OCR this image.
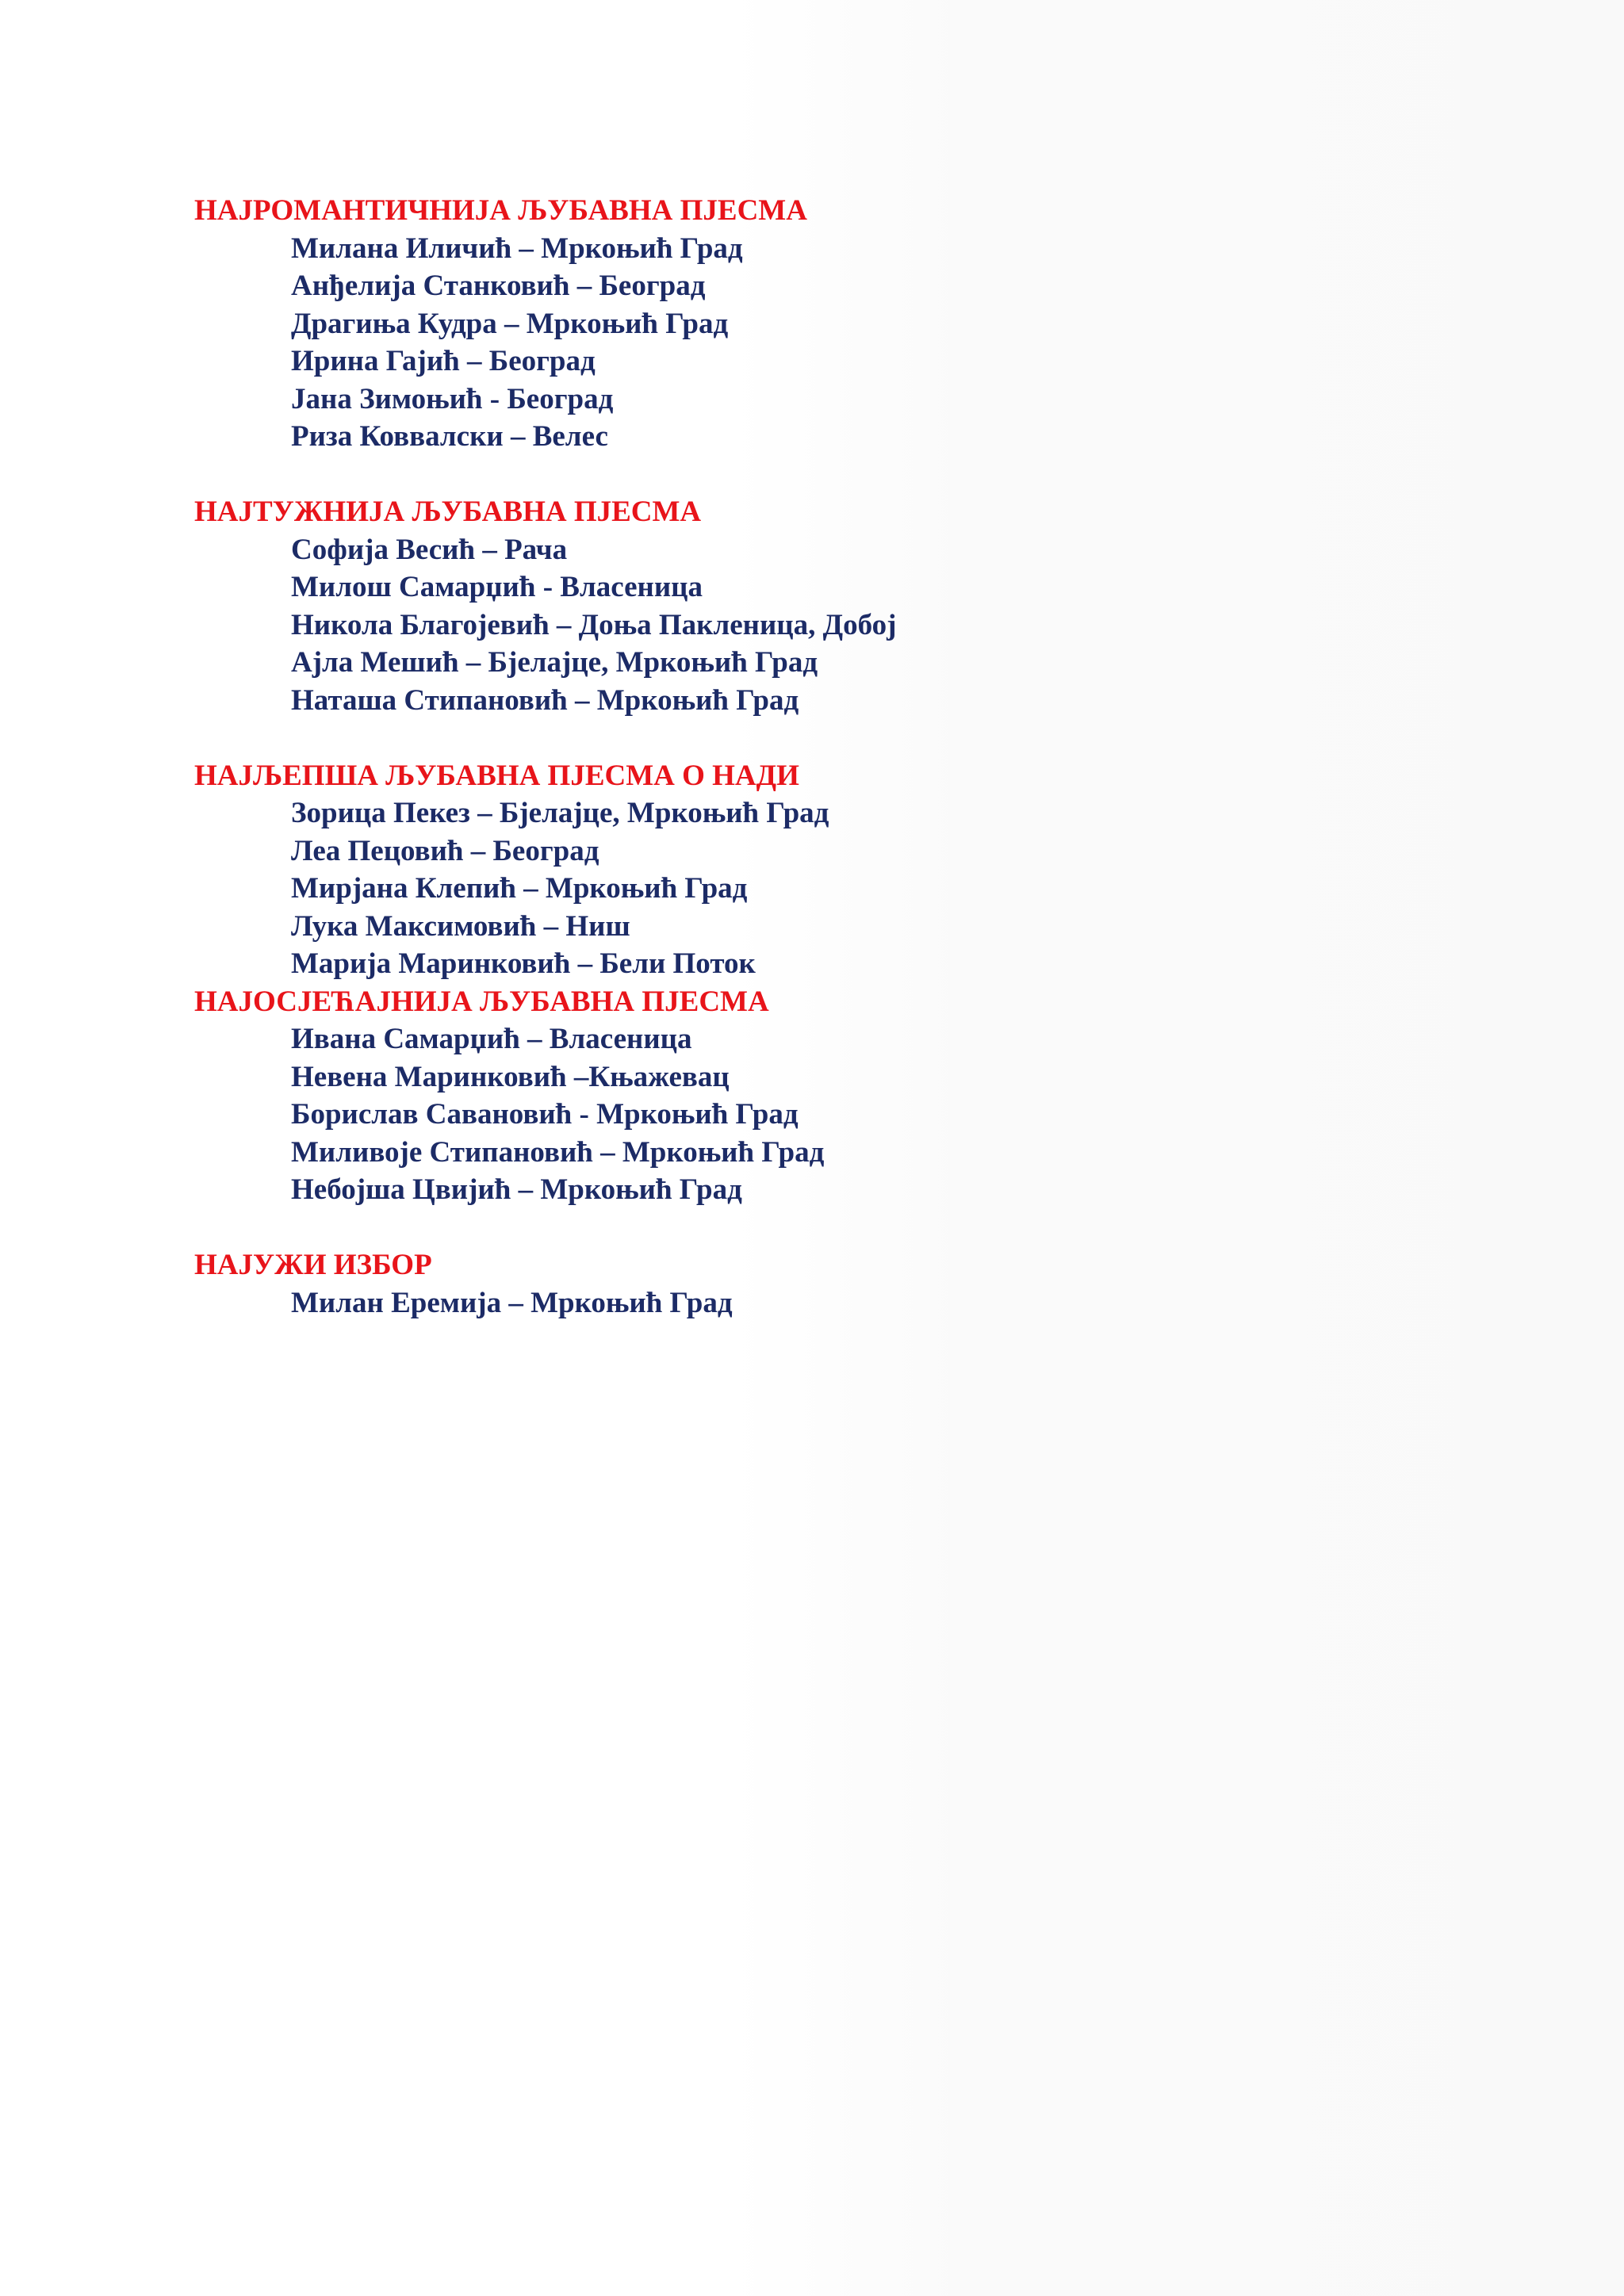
НАЈРОМАНТИЧНИЈА ЉУБАВНА ПЈЕСМА
Милана Иличић – Мркоњић Град
Анђелија Станковић – Београд
Драгиња Кудра – Мркоњић Град
Ирина Гајић – Београд
Јана Зимоњић - Београд
Риза Коввалски – Велес
НАЈТУЖНИЈА ЉУБАВНА ПЈЕСМА
Софија Весић – Рача
Милош Самарџић - Власеница
Никола Благојевић – Доња Пакленица, Добој
Ајла Мешић – Бјелајце, Мркоњић Град
Наташа Стипановић – Мркоњић Град
НАЈЉЕПША ЉУБАВНА ПЈЕСМА О НАДИ
Зорица Пекез – Бјелајце, Мркоњић Град
Леа Пецовић – Београд
Мирјана Клепић – Мркоњић Град
Лука Максимовић – Ниш
Марија Маринковић – Бели Поток
НАЈОСЈЕЋАЈНИЈА ЉУБАВНА ПЈЕСМА
Ивана Самарџић – Власеница
Невена Маринковић –Књажевац
Борислав Савановић - Мркоњић Град
Миливоје Стипановић – Мркоњић Град
Небојша Цвијић – Мркоњић Град
НАЈУЖИ ИЗБОР
Милан Еремија – Мркоњић Град
